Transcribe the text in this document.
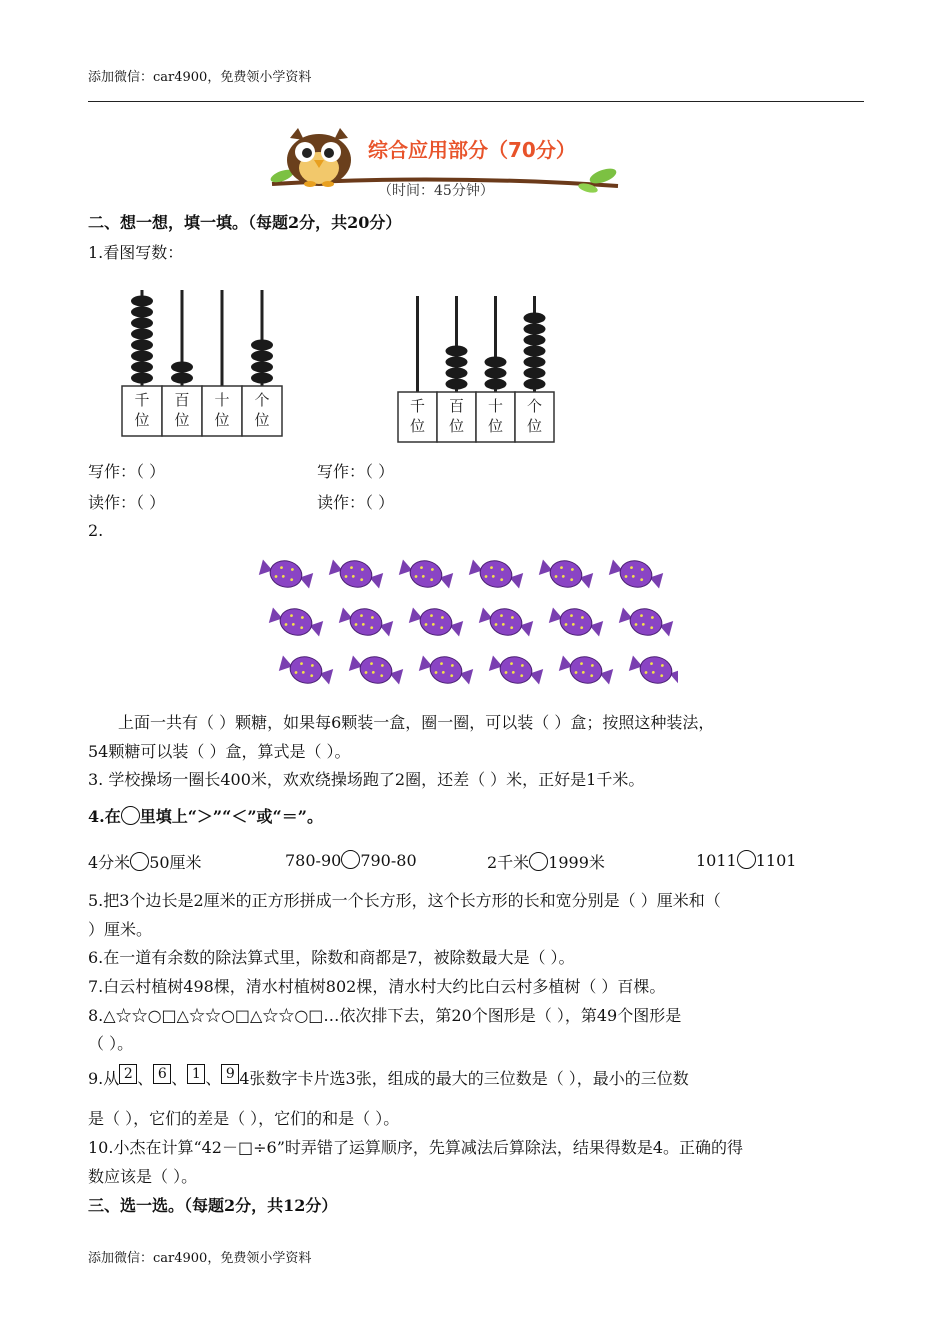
添加微信：car4900，免费领小学资料
综合应用部分（70分）
（时间：45分钟）
二、想一想，填一填。（每题2分，共20分）
1.看图写数：
千
位
百
位
十
位
个
位
千
位
百
位
十
位
个
位
写作：（ ）	写作：（ ）
读作：（ ）	读作：（ ）
2.
上面一共有（ ）颗糖，如果每6颗装一盒，圈一圈，可以装（ ）盒；按照这种装法，
54颗糖可以装（ ）盒，算式是（ ）。
3. 学校操场一圈长400米，欢欢绕操场跑了2圈，还差（ ）米，正好是1千米。
4.在 里填上“＞”“＜”或“＝”。
4分米 50厘米	780-90 790-80	2千米 1999米	1011 1101
5.把3个边长是2厘米的正方形拼成一个长方形，这个长方形的长和宽分别是（ ）厘米和（
）厘米。
6.在一道有余数的除法算式里，除数和商都是7，被除数最大是（ ）。
7.白云村植树498棵，清水村植树802棵，清水村大约比白云村多植树（ ）百棵。
8.△☆☆○□△☆☆○□△☆☆○□…依次排下去，第20个图形是（ ），第49个图形是
（ ）。
9.从 2 、 6 、 1 、 9 4张数字卡片选3张，组成的最大的三位数是（ ），最小的三位数
是（ ），它们的差是（ ），它们的和是（ ）。
10.小杰在计算“42－□÷6”时弄错了运算顺序，先算减法后算除法，结果得数是4。正确的得
数应该是（ ）。
三、选一选。（每题2分，共12分）
添加微信：car4900，免费领小学资料
